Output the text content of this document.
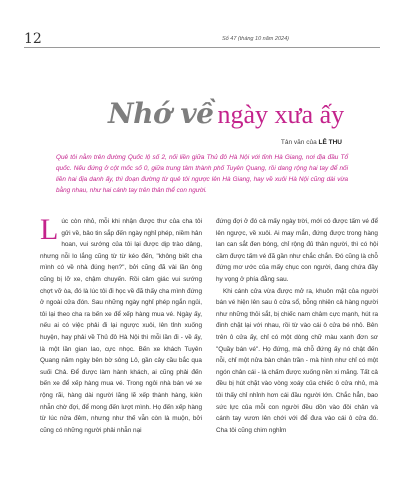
12	Số 47 (tháng 10 năm 2024)
Nhớ về ngày xưa ấy
Tản văn của LÊ THU
Quê tôi nằm trên đường Quốc lộ số 2, nối liền giữa Thủ đô Hà Nội với tỉnh Hà Giang, nơi địa đầu Tổ quốc. Nếu đứng ở cột mốc số 0, giữa trung tâm thành phố Tuyên Quang, rồi dang rộng hai tay để nối liền hai địa danh ấy, thì đoạn đường từ quê tôi ngược lên Hà Giang, hay về xuôi Hà Nội cũng dài vừa bằng nhau, như hai cánh tay trên thân thể con người.

Lúc còn nhỏ, mỗi khi nhận được thư của cha tôi gửi về, bảo tin sắp đến ngày nghỉ phép, niềm hân hoan, vui sướng của tôi lại được dịp trào dâng, nhưng nỗi lo lắng cũng từ từ kéo đến, "không biết cha mình có về nhà đúng hẹn?", bởi cũng đã vài lần ông cũng bị lỡ xe, chậm chuyến. Rồi cảm giác vui sướng chợt vỡ òa, đó là lúc tôi đi học về đã thấy cha mình đứng ở ngoài cửa đón. Sau những ngày nghỉ phép ngắn ngủi, tôi lại theo cha ra bến xe để xếp hàng mua vé. Ngày ấy, nếu ai có việc phải đi lại ngược xuôi, lên tỉnh xuống huyện, hay phải về Thủ đô Hà Nội thì mỗi lần đi - về ấy, là một lần gian lao, cực nhọc. Bến xe khách Tuyên Quang năm ngày bên bờ sông Lô, gần cây cầu bắc qua suối Chả. Để được làm hành khách, ai cũng phải đến bến xe để xếp hàng mua vé. Trong ngôi nhà bán vé xe rộng rãi, hàng dài người lăng lẽ xếp thành hàng, kiên nhẫn chờ đợi, để mong đến lượt mình. Họ đến xếp hàng từ lúc nửa đêm, nhưng như thế vẫn còn là muộn, bởi cũng có những người phải nhẫn nại

đứng đợi ở đó cả mấy ngày trời, mới có được tấm vé để lên ngược, về xuôi. Ai may mắn, đứng được trong hàng lan can sắt đen bóng, chỉ rộng đủ thân người, thì có hội cầm được tấm vé đã gần như chắc chắn. Đó cũng là chỗ đứng mơ ước của mấy chục con người, đang chứa đầy hy vọng ở phía đằng sau.

Khi cánh cửa vừa được mở ra, khuôn mặt của người bán vé hiện lên sau ô cửa sổ, bỗng nhiên cả hàng người như những thỏi sắt, bị chiếc nam châm cực mạnh, hút ra đinh chặt lại với nhau, rồi từ vào cái ô cửa bé nhỏ. Bên trên ô cửa ấy, chỉ có một dòng chữ màu xanh đơn sơ "Quầy bán vé". Họ đứng, mà chỗ đứng ấy nó chật đến nỗi, chỉ một nửa bàn chân trần - mà hình như chỉ có một ngón chân cái - là chấm được xuống nền xi măng. Tất cả đều bị hút chặt vào vòng xoáy của chiếc ô cửa nhỏ, mà tôi thấy chỉ nhỉnh hơn cái đầu người lớn. Chắc hẳn, bao sức lực của mỗi con người đều dồn vào đôi chân và cánh tay vươn lên chới với để đưa vào cái ô cửa đó. Cha tôi cũng chim nghỉm
